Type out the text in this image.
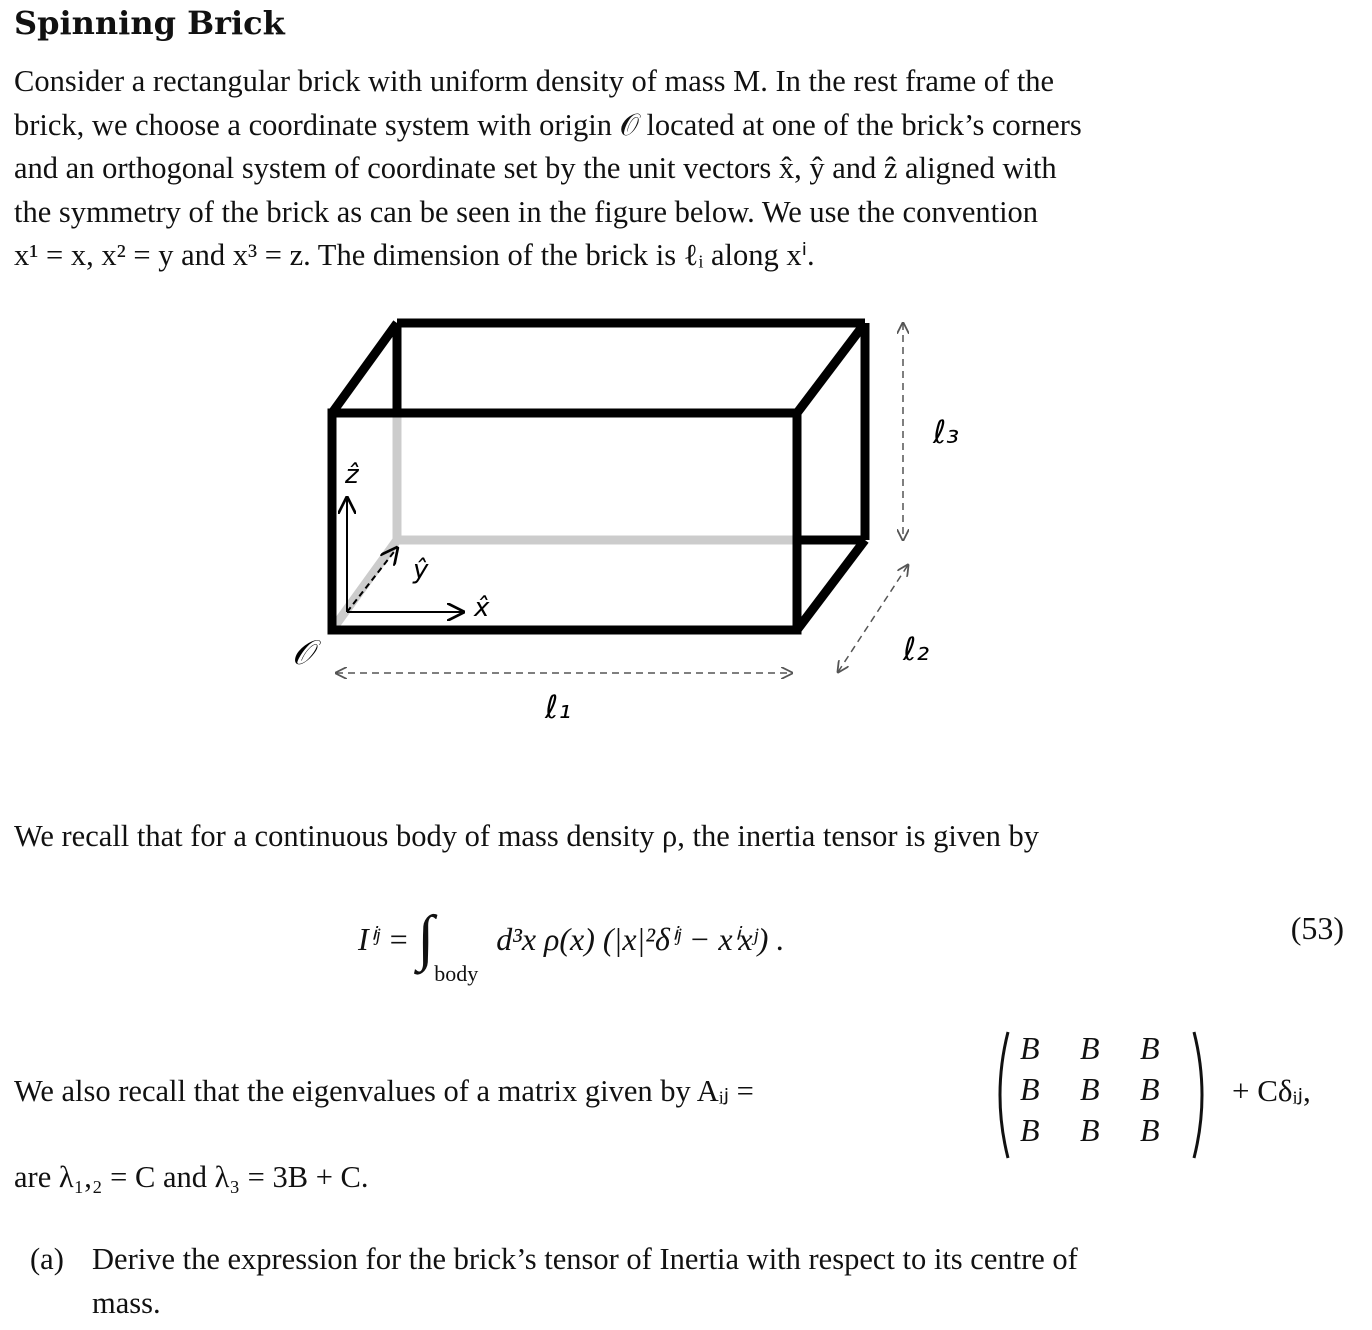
Spinning Brick
Consider a rectangular brick with uniform density of mass M. In the rest frame of the
brick, we choose a coordinate system with origin 𝒪 located at one of the brick’s corners
and an orthogonal system of coordinate set by the unit vectors x̂, ŷ and ẑ aligned with
the symmetry of the brick as can be seen in the figure below. We use the convention
x¹ = x, x² = y and x³ = z. The dimension of the brick is ℓᵢ along xⁱ.
𝒪
ẑ
ŷ
x̂
ℓ₁
ℓ₂
ℓ₃
We recall that for a continuous body of mass density ρ, the inertia tensor is given by
Iⁱʲ = $\int_{body}$ d³x ρ(x) (|x|²δⁱʲ − xⁱxʲ) .	(53)
We also recall that the eigenvalues of a matrix given by Aᵢⱼ =
B	B	B
B	B	B
B	B	B
+ Cδᵢⱼ,
are λ₁,₂ = C and λ₃ = 3B + C.
(a) Derive the expression for the brick’s tensor of Inertia with respect to its centre of
mass.
